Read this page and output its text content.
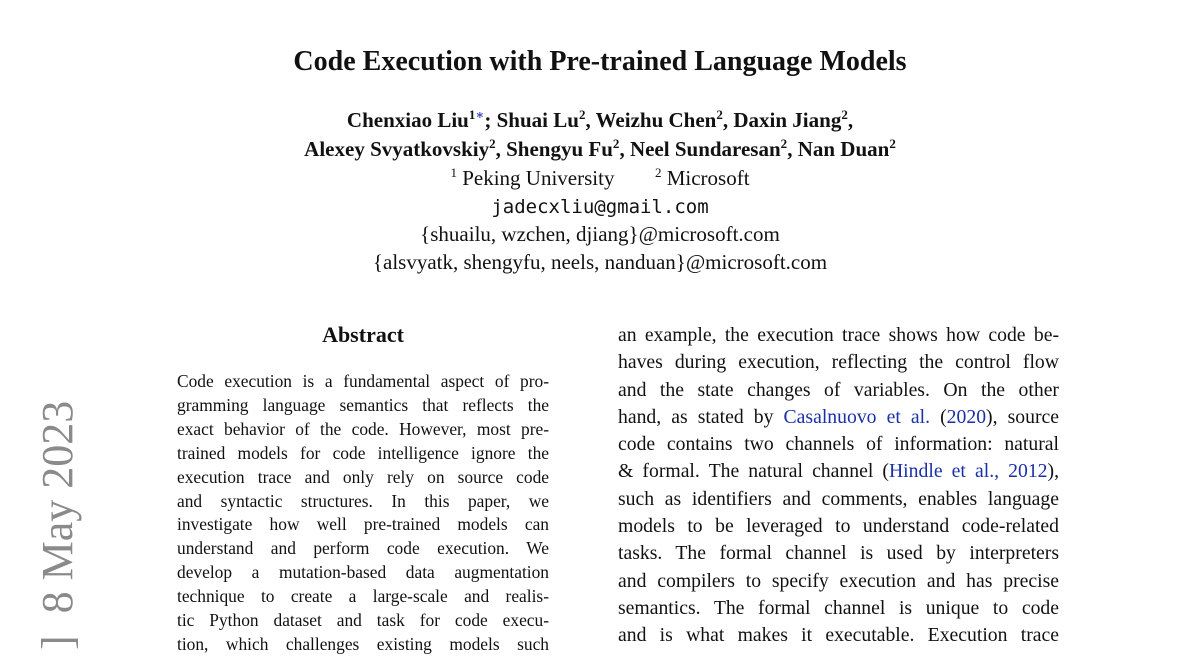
Code Execution with Pre-trained Language Models
Chenxiao Liu$^{1∗}$; Shuai Lu$^2$, Weizhu Chen$^2$, Daxin Jiang$^2$,
Alexey Svyatkovskiy$^2$, Shengyu Fu$^2$, Neel Sundaresan$^2$, Nan Duan$^2$
$^1$ Peking University	$^2$ Microsoft
jadecxliu@gmail.com
{shuailu, wzchen, djiang}@microsoft.com
{alsvyatk, shengyfu, neels, nanduan}@microsoft.com
Abstract
Code execution is a fundamental aspect of pro-
gramming language semantics that reflects the
exact behavior of the code. However, most pre-
trained models for code intelligence ignore the
execution trace and only rely on source code
and syntactic structures. In this paper, we
investigate how well pre-trained models can
understand and perform code execution. We
develop a mutation-based data augmentation
technique to create a large-scale and realis-
tic Python dataset and task for code execu-
tion, which challenges existing models such
an example, the execution trace shows how code be-
haves during execution, reflecting the control flow
and the state changes of variables. On the other
hand, as stated by Casalnuovo et al. (2020), source
code contains two channels of information: natural
& formal. The natural channel (Hindle et al., 2012),
such as identifiers and comments, enables language
models to be leveraged to understand code-related
tasks. The formal channel is used by interpreters
and compilers to specify execution and has precise
semantics. The formal channel is unique to code
and is what makes it executable. Execution trace
]  8 May 2023
